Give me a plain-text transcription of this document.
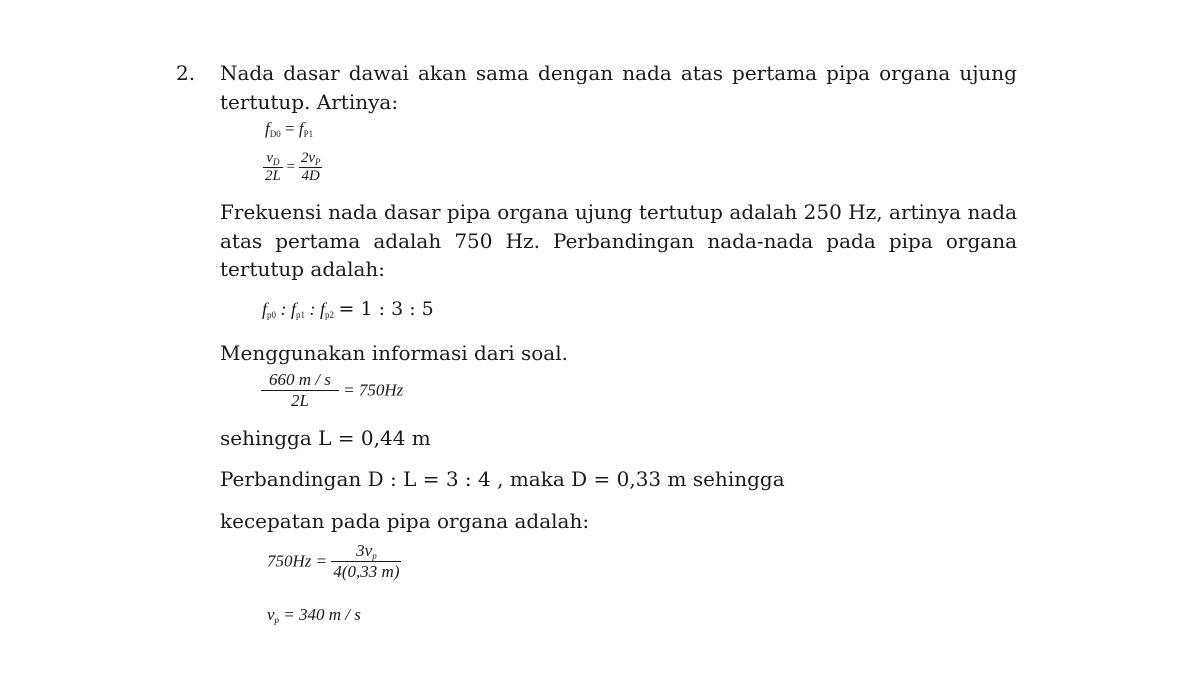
2. Nada dasar dawai akan sama dengan nada atas pertama pipa organa ujung tertutup. Artinya:
$f_{D0} = f_{P1}$
$\frac{v_D}{2L} = \frac{2v_P}{4D}$
Frekuensi nada dasar pipa organa ujung tertutup adalah 250 Hz, artinya nada atas pertama adalah 750 Hz. Perbandingan nada-nada pada pipa organa tertutup adalah:
$f_{p0}$ : $f_{p1}$ : $f_{p2} = 1$ : 3 : 5
Menggunakan informasi dari soal.
$\frac{660 m / s}{2L} = 750Hz$
sehingga L = 0,44 m
Perbandingan D : L = 3 : 4 , maka D = 0,33 m sehingga
kecepatan pada pipa organa adalah:
$750Hz = \frac{3v_p}{4(0,33 m)}$
$v_p = 340$ m / s
